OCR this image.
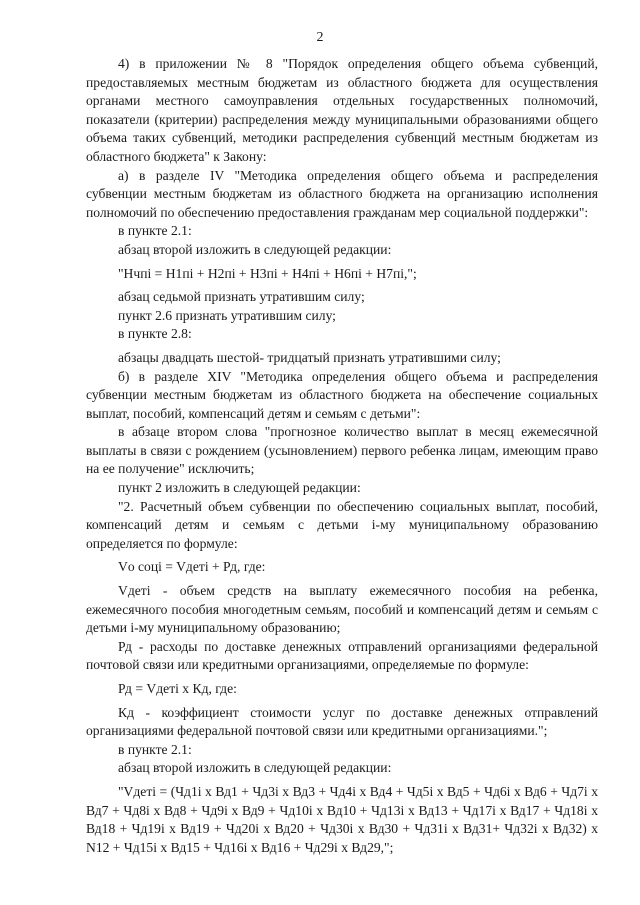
2

4) в приложении № 8 "Порядок определения общего объема субвенций, предоставляемых местным бюджетам из областного бюджета для осуществления органами местного самоуправления отдельных государственных полномочий, показатели (критерии) распределения между муниципальными образованиями общего объема таких субвенций, методики распределения субвенций местным бюджетам из областного бюджета" к Закону:

а) в разделе IV "Методика определения общего объема и распределения субвенции местным бюджетам из областного бюджета на организацию исполнения полномочий по обеспечению предоставления гражданам мер социальной поддержки":

в пункте 2.1:

абзац второй изложить в следующей редакции:

"Нчпi = Н1пi + Н2пi + Н3пi + Н4пi + Н6пi + Н7пi,";

абзац седьмой признать утратившим силу;

пункт 2.6 признать утратившим силу;

в пункте 2.8:

абзацы двадцать шестой- тридцатый признать утратившими силу;

б) в разделе XIV "Методика определения общего объема и распределения субвенции местным бюджетам из областного бюджета на обеспечение социальных выплат, пособий, компенсаций детям и семьям с детьми":

в абзаце втором слова "прогнозное количество выплат в месяц ежемесячной выплаты в связи с рождением (усыновлением) первого ребенка лицам, имеющим право на ее получение" исключить;

пункт 2 изложить в следующей редакции:

"2. Расчетный объем субвенции по обеспечению социальных выплат, пособий, компенсаций детям и семьям с детьми i-му муниципальному образованию определяется по формуле:

Vо соцi = Vдетi + Рд, где:

Vдетi - объем средств на выплату ежемесячного пособия на ребенка, ежемесячного пособия многодетным семьям, пособий и компенсаций детям и семьям с детьми i-му муниципальному образованию;

Рд - расходы по доставке денежных отправлений организациями федеральной почтовой связи или кредитными организациями, определяемые по формуле:

Рд = Vдетi х Кд, где:

Кд - коэффициент стоимости услуг по доставке денежных отправлений организациями федеральной почтовой связи или кредитными организациями.";

в пункте 2.1:

абзац второй изложить в следующей редакции:

"Vдетi = (Чд1i х Вд1 + Чд3i х Вд3 + Чд4i х Вд4 + Чд5i х Вд5 + Чд6i х Вд6 + Чд7i х Вд7 + Чд8i х Вд8 + Чд9i х Вд9 + Чд10i х Вд10 + Чд13i х Вд13 + Чд17i х Вд17 + Чд18i х Вд18 + Чд19i х Вд19 + Чд20i х Вд20 + Чд30i х Вд30 + Чд31i х Вд31+ Чд32i х Вд32) х N12 + Чд15i х Вд15 + Чд16i х Вд16 + Чд29i х Вд29,";
